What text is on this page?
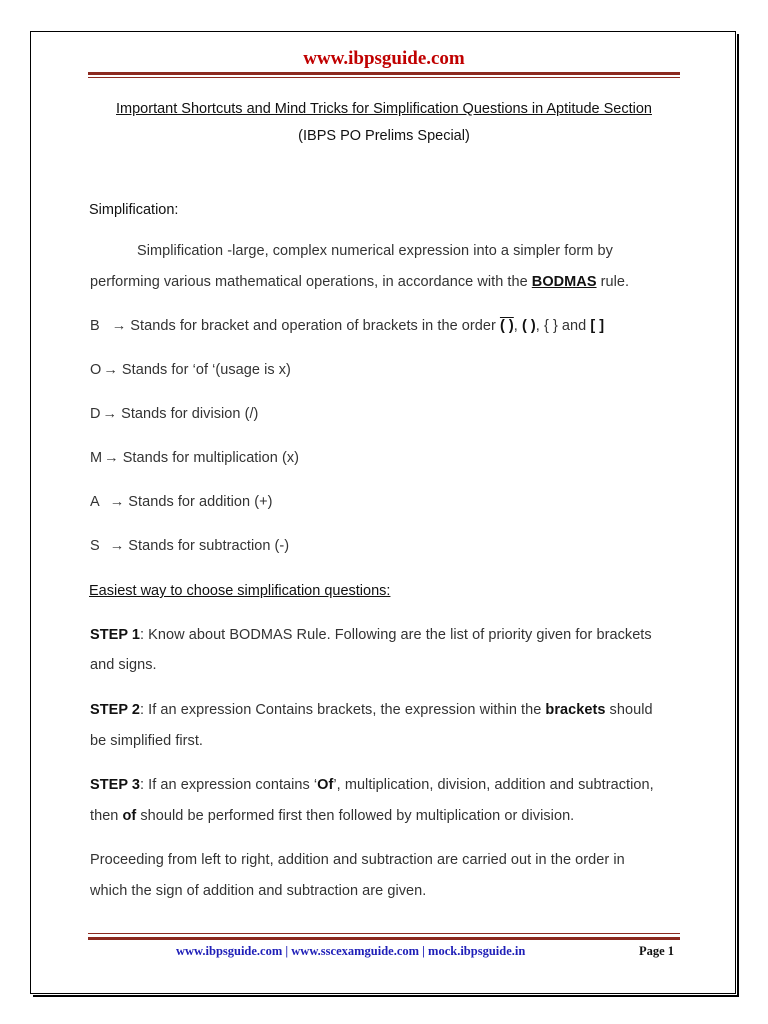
www.ibpsguide.com
Important Shortcuts and Mind Tricks for Simplification Questions in Aptitude Section
(IBPS PO Prelims Special)
Simplification:
Simplification -large, complex numerical expression into a simpler form by
performing various mathematical operations, in accordance with the BODMAS rule.
B → Stands for bracket and operation of brackets in the order ( ), ( ), { } and [ ]
O → Stands for ‘of ‘(usage is x)
D → Stands for division (/)
M → Stands for multiplication (x)
A → Stands for addition (+)
S → Stands for subtraction (-)
Easiest way to choose simplification questions:
STEP 1: Know about BODMAS Rule. Following are the list of priority given for brackets
and signs.
STEP 2: If an expression Contains brackets, the expression within the brackets should
be simplified first.
STEP 3: If an expression contains ‘Of’, multiplication, division, addition and subtraction,
then of should be performed first then followed by multiplication or division.
Proceeding from left to right, addition and subtraction are carried out in the order in
which the sign of addition and subtraction are given.
www.ibpsguide.com | www.sscexamguide.com | mock.ibpsguide.in	Page 1
